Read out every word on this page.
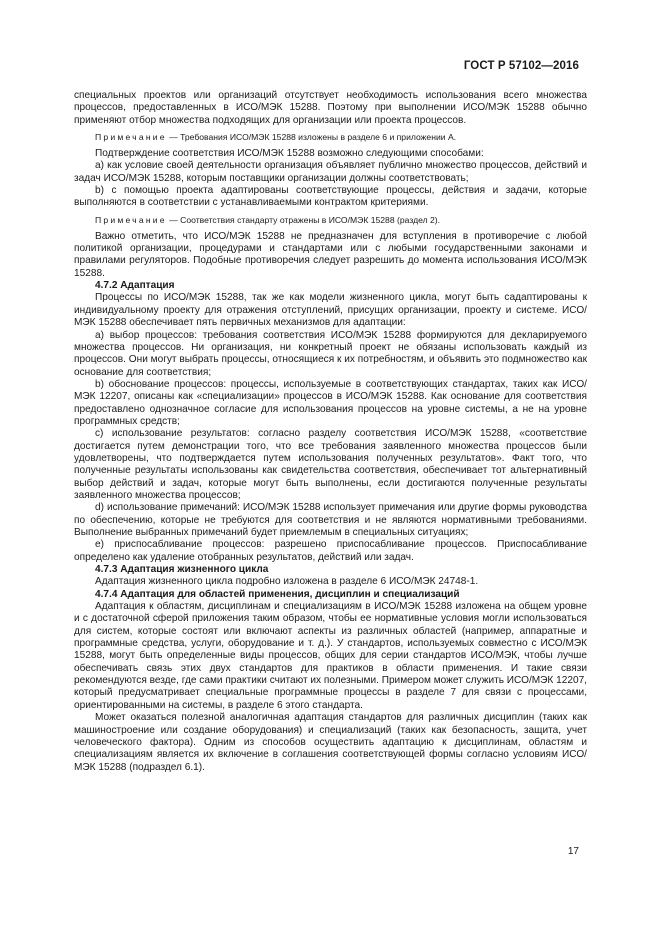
ГОСТ Р 57102—2016

специальных проектов или организаций отсутствует необходимость использования всего множества процессов, предоставленных в ИСО/МЭК 15288. Поэтому при выполнении ИСО/МЭК 15288 обычно применяют отбор множества подходящих для организации или проекта процессов.

Примечание — Требования ИСО/МЭК 15288 изложены в разделе 6 и приложении А.

Подтверждение соответствия ИСО/МЭК 15288 возможно следующими способами:

а) как условие своей деятельности организация объявляет публично множество процессов, действий и задач ИСО/МЭК 15288, которым поставщики организации должны соответствовать;

b) с помощью проекта адаптированы соответствующие процессы, действия и задачи, которые выполняются в соответствии с устанавливаемыми контрактом критериями.

Примечание — Соответствия стандарту отражены в ИСО/МЭК 15288 (раздел 2).

Важно отметить, что ИСО/МЭК 15288 не предназначен для вступления в противоречие с любой политикой организации, процедурами и стандартами или с любыми государственными законами и правилами регуляторов. Подобные противоречия следует разрешить до момента использования ИСО/МЭК 15288.

4.7.2 Адаптация

Процессы по ИСО/МЭК 15288, так же как модели жизненного цикла, могут быть садаптированы к индивидуальному проекту для отражения отступлений, присущих организации, проекту и системе. ИСО/МЭК 15288 обеспечивает пять первичных механизмов для адаптации:

а) выбор процессов: требования соответствия ИСО/МЭК 15288 формируются для декларируемого множества процессов. Ни организация, ни конкретный проект не обязаны использовать каждый из процессов. Они могут выбрать процессы, относящиеся к их потребностям, и объявить это подмножество как основание для соответствия;

b) обоснование процессов: процессы, используемые в соответствующих стандартах, таких как ИСО/МЭК 12207, описаны как «специализации» процессов в ИСО/МЭК 15288. Как основание для соответствия предоставлено однозначное согласие для использования процессов на уровне системы, а не на уровне программных средств;

с) использование результатов: согласно разделу соответствия ИСО/МЭК 15288, «соответствие достигается путем демонстрации того, что все требования заявленного множества процессов были удовлетворены, что подтверждается путем использования полученных результатов». Факт того, что полученные результаты использованы как свидетельства соответствия, обеспечивает тот альтернативный выбор действий и задач, которые могут быть выполнены, если достигаются полученные результаты заявленного множества процессов;

d) использование примечаний: ИСО/МЭК 15288 использует примечания или другие формы руководства по обеспечению, которые не требуются для соответствия и не являются нормативными требованиями. Выполнение выбранных примечаний будет приемлемым в специальных ситуациях;

е) приспосабливание процессов: разрешено приспосабливание процессов. Приспосабливание определено как удаление отобранных результатов, действий или задач.

4.7.3 Адаптация жизненного цикла

Адаптация жизненного цикла подробно изложена в разделе 6 ИСО/МЭК 24748-1.

4.7.4 Адаптация для областей применения, дисциплин и специализаций

Адаптация к областям, дисциплинам и специализациям в ИСО/МЭК 15288 изложена на общем уровне и с достаточной сферой приложения таким образом, чтобы ее нормативные условия могли использоваться для систем, которые состоят или включают аспекты из различных областей (например, аппаратные и программные средства, услуги, оборудование и т. д.). У стандартов, используемых совместно с ИСО/МЭК 15288, могут быть определенные виды процессов, общих для серии стандартов ИСО/МЭК, чтобы лучше обеспечивать связь этих двух стандартов для практиков в области применения. И такие связи рекомендуются везде, где сами практики считают их полезными. Примером может служить ИСО/МЭК 12207, который предусматривает специальные программные процессы в разделе 7 для связи с процессами, ориентированными на системы, в разделе 6 этого стандарта.

Может оказаться полезной аналогичная адаптация стандартов для различных дисциплин (таких как машиностроение или создание оборудования) и специализаций (таких как безопасность, защита, учет человеческого фактора). Одним из способов осуществить адаптацию к дисциплинам, областям и специализациям является их включение в соглашения соответствующей формы согласно условиям ИСО/МЭК 15288 (подраздел 6.1).

17
